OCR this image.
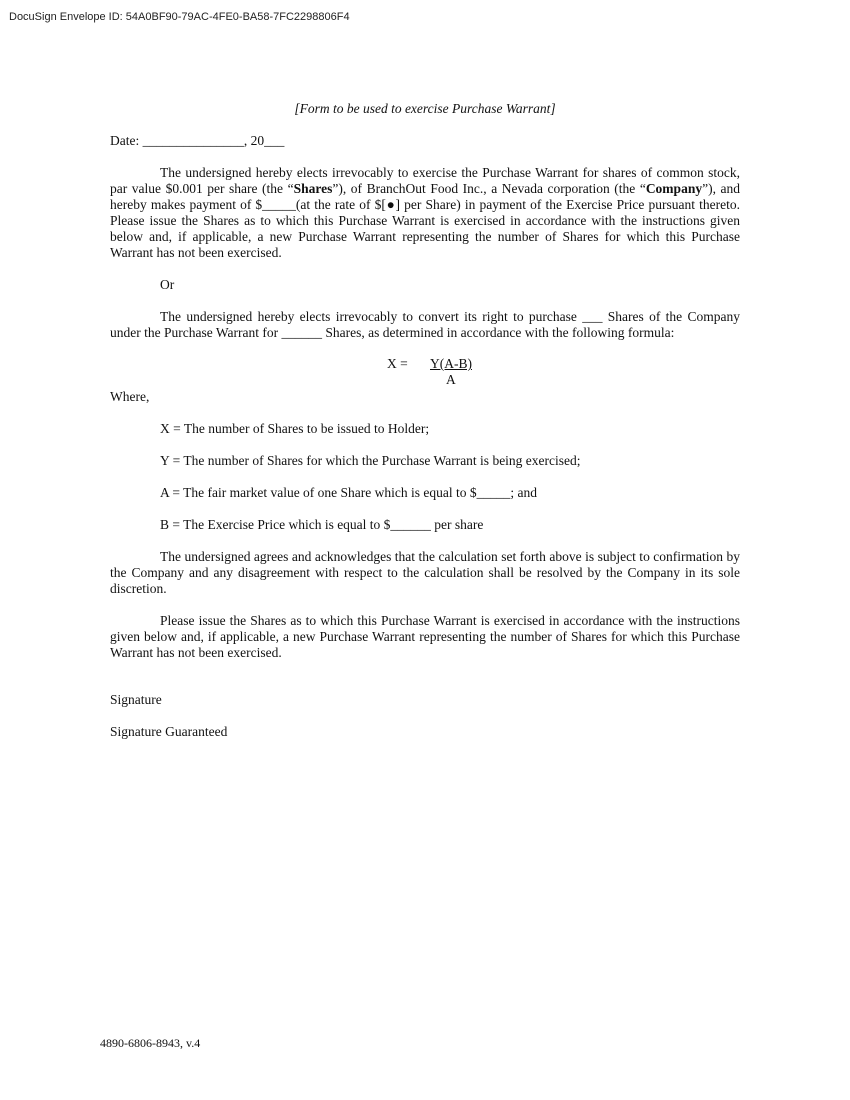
DocuSign Envelope ID: 54A0BF90-79AC-4FE0-BA58-7FC2298806F4
[Form to be used to exercise Purchase Warrant]
Date: _______________, 20___
The undersigned hereby elects irrevocably to exercise the Purchase Warrant for shares of common stock, par value $0.001 per share (the “Shares”), of BranchOut Food Inc., a Nevada corporation (the “Company”), and hereby makes payment of $_____(at the rate of $[●] per Share) in payment of the Exercise Price pursuant thereto. Please issue the Shares as to which this Purchase Warrant is exercised in accordance with the instructions given below and, if applicable, a new Purchase Warrant representing the number of Shares for which this Purchase Warrant has not been exercised.
Or
The undersigned hereby elects irrevocably to convert its right to purchase ___ Shares of the Company under the Purchase Warrant for ______ Shares, as determined in accordance with the following formula:
X = Y(A-B)
A
Where,
X = The number of Shares to be issued to Holder;
Y = The number of Shares for which the Purchase Warrant is being exercised;
A = The fair market value of one Share which is equal to $_____; and
B = The Exercise Price which is equal to $______ per share
The undersigned agrees and acknowledges that the calculation set forth above is subject to confirmation by the Company and any disagreement with respect to the calculation shall be resolved by the Company in its sole discretion.
Please issue the Shares as to which this Purchase Warrant is exercised in accordance with the instructions given below and, if applicable, a new Purchase Warrant representing the number of Shares for which this Purchase Warrant has not been exercised.
Signature
Signature Guaranteed
4890-6806-8943, v.4
